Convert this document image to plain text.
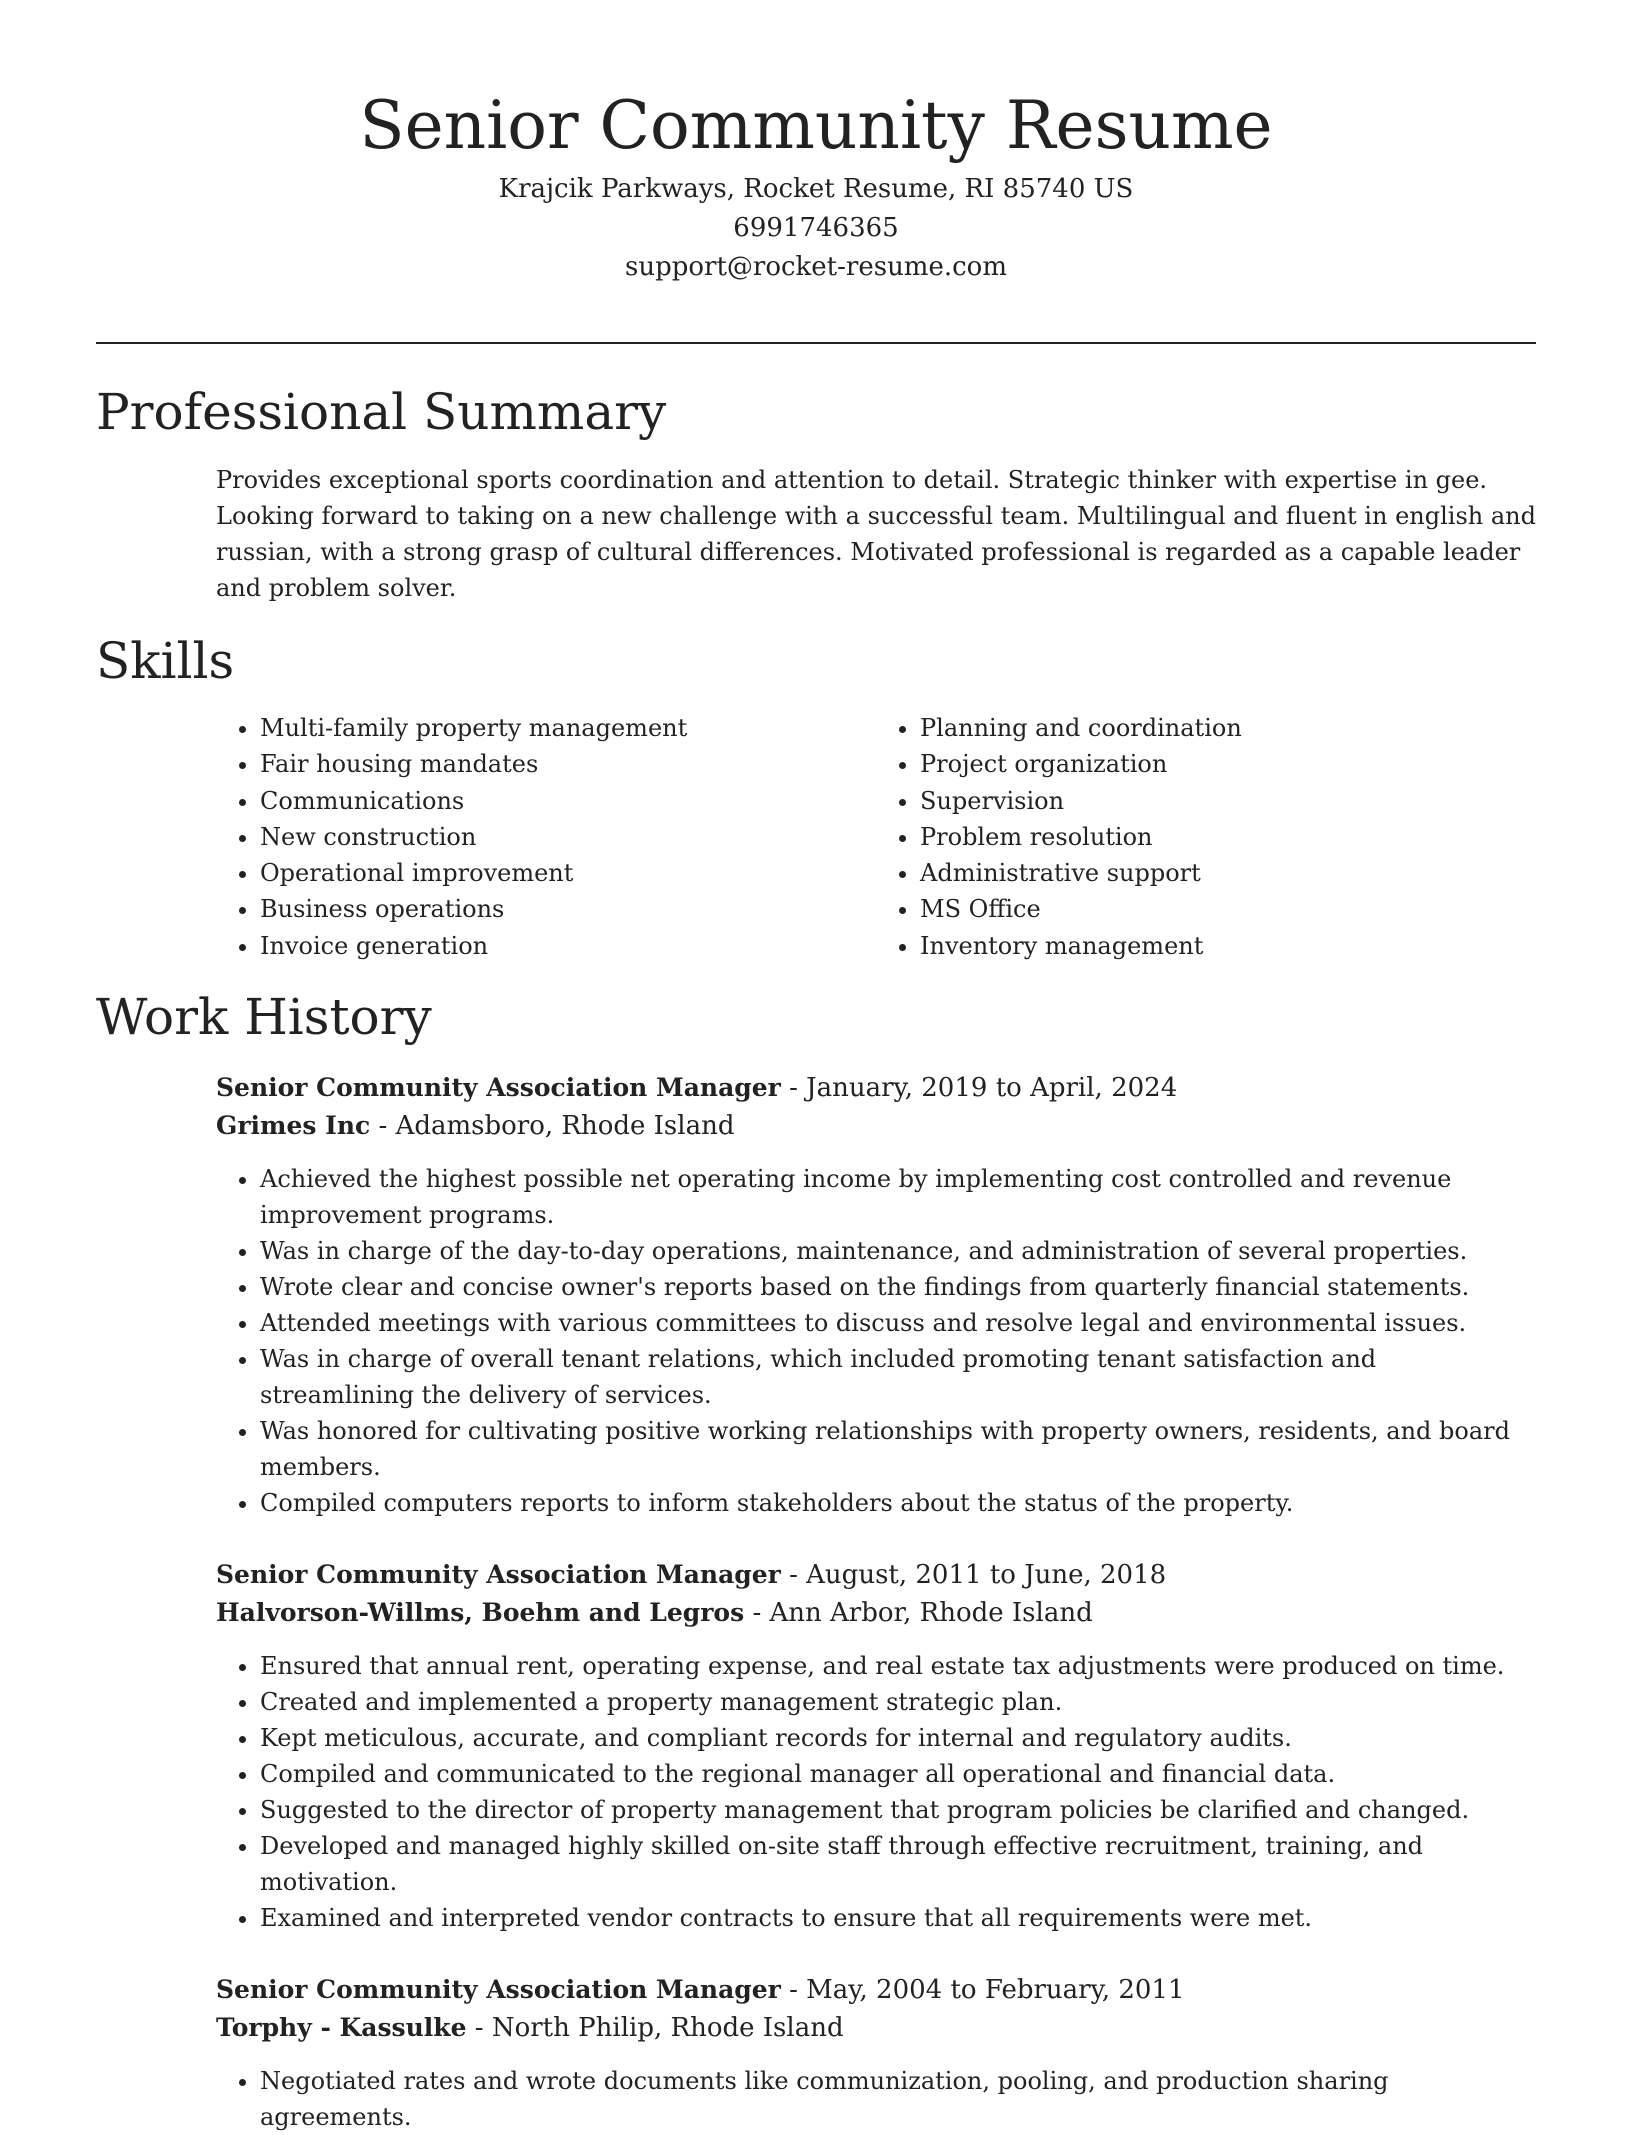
Senior Community Resume

Krajcik Parkways, Rocket Resume, RI 85740 US

6991746365

support@rocket-resume.com

Professional Summary

Provides exceptional sports coordination and attention to detail. Strategic thinker with expertise in gee. Looking forward to taking on a new challenge with a successful team. Multilingual and fluent in english and russian, with a strong grasp of cultural differences. Motivated professional is regarded as a capable leader and problem solver.

Skills
• Multi-family property management
• Fair housing mandates
• Communications
• New construction
• Operational improvement
• Business operations
• Invoice generation
• Planning and coordination
• Project organization
• Supervision
• Problem resolution
• Administrative support
• MS Office
• Inventory management
Work History

Senior Community Association Manager - January, 2019 to April, 2024

Grimes Inc - Adamsboro, Rhode Island

• Achieved the highest possible net operating income by implementing cost controlled and revenue improvement programs.
• Was in charge of the day-to-day operations, maintenance, and administration of several properties.
• Wrote clear and concise owner's reports based on the findings from quarterly financial statements.
• Attended meetings with various committees to discuss and resolve legal and environmental issues.
• Was in charge of overall tenant relations, which included promoting tenant satisfaction and streamlining the delivery of services.
• Was honored for cultivating positive working relationships with property owners, residents, and board members.
• Compiled computers reports to inform stakeholders about the status of the property.

Senior Community Association Manager - August, 2011 to June, 2018

Halvorson-Willms, Boehm and Legros - Ann Arbor, Rhode Island

• Ensured that annual rent, operating expense, and real estate tax adjustments were produced on time.
• Created and implemented a property management strategic plan.
• Kept meticulous, accurate, and compliant records for internal and regulatory audits.
• Compiled and communicated to the regional manager all operational and financial data.
• Suggested to the director of property management that program policies be clarified and changed.
• Developed and managed highly skilled on-site staff through effective recruitment, training, and motivation.
• Examined and interpreted vendor contracts to ensure that all requirements were met.

Senior Community Association Manager - May, 2004 to February, 2011

Torphy - Kassulke - North Philip, Rhode Island

• Negotiated rates and wrote documents like communization, pooling, and production sharing agreements.
